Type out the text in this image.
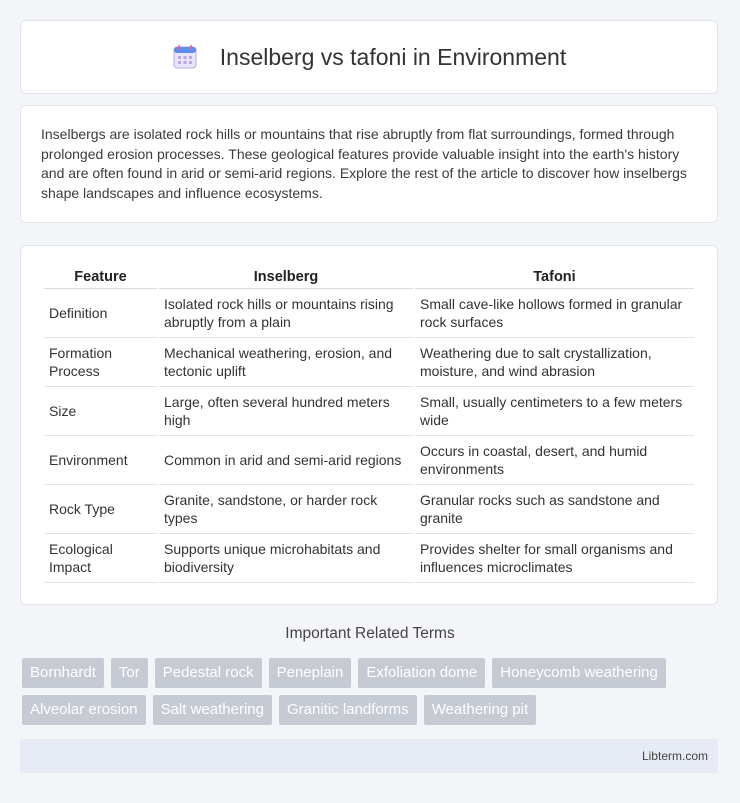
Inselberg vs tafoni in Environment

Inselbergs are isolated rock hills or mountains that rise abruptly from flat surroundings, formed through prolonged erosion processes. These geological features provide valuable insight into the earth's history and are often found in arid or semi-arid regions. Explore the rest of the article to discover how inselbergs shape landscapes and influence ecosystems.

Feature	Inselberg	Tafoni
Definition	Isolated rock hills or mountains rising abruptly from a plain	Small cave-like hollows formed in granular rock surfaces
Formation Process	Mechanical weathering, erosion, and tectonic uplift	Weathering due to salt crystallization, moisture, and wind abrasion
Size	Large, often several hundred meters high	Small, usually centimeters to a few meters wide
Environment	Common in arid and semi-arid regions	Occurs in coastal, desert, and humid environments
Rock Type	Granite, sandstone, or harder rock types	Granular rocks such as sandstone and granite
Ecological Impact	Supports unique microhabitats and biodiversity	Provides shelter for small organisms and influences microclimates
Important Related Terms
Bornhardt	Tor	Pedestal rock	Peneplain	Exfoliation dome	Honeycomb weathering
Alveolar erosion	Salt weathering	Granitic landforms	Weathering pit
Libterm.com
